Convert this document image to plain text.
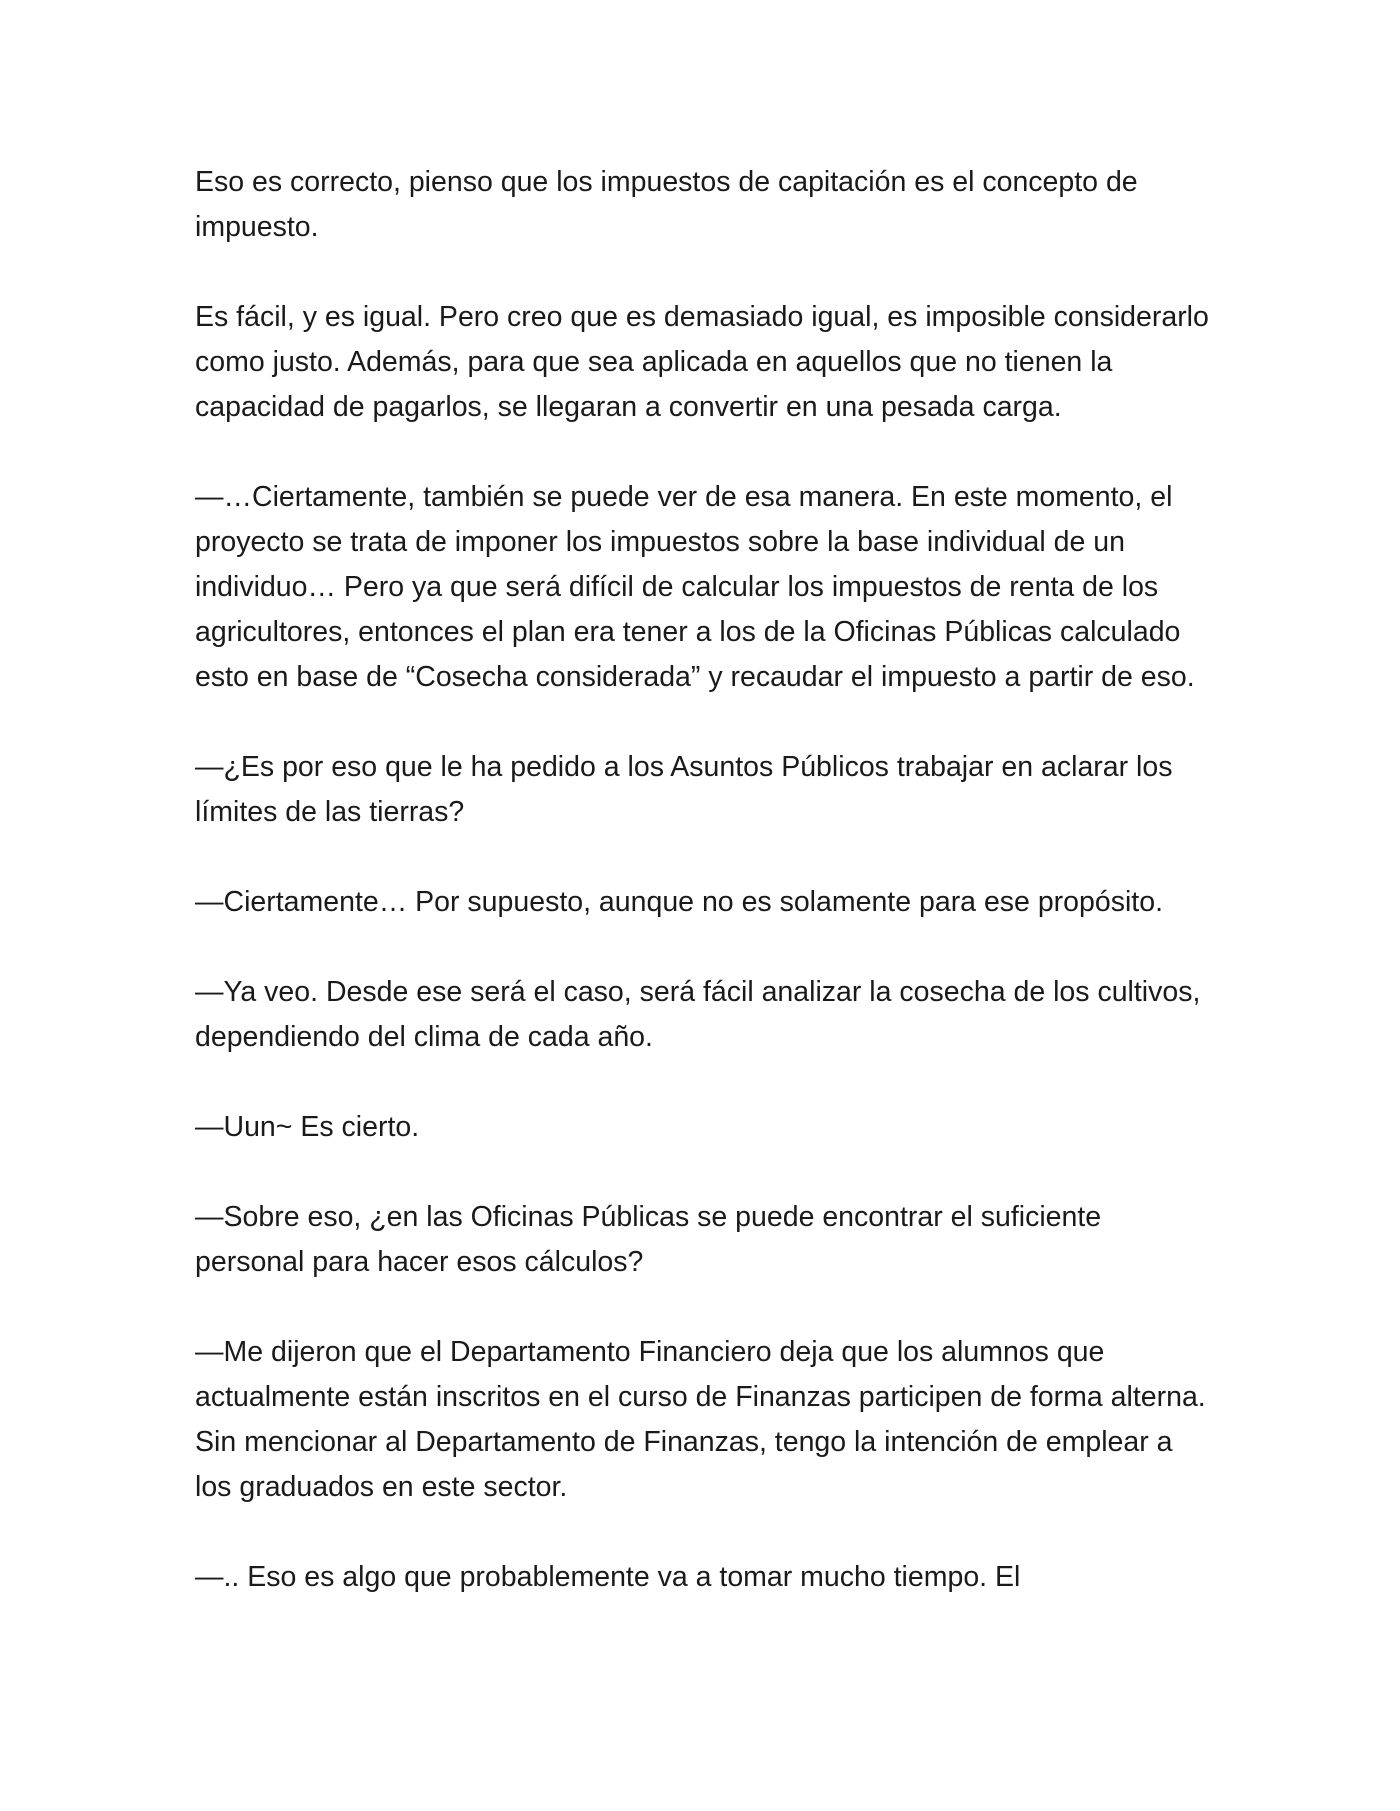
Eso es correcto, pienso que los impuestos de capitación es el concepto de impuesto.

Es fácil, y es igual. Pero creo que es demasiado igual, es imposible considerarlo como justo. Además, para que sea aplicada en aquellos que no tienen la capacidad de pagarlos, se llegaran a convertir en una pesada carga.

—…Ciertamente, también se puede ver de esa manera. En este momento, el proyecto se trata de imponer los impuestos sobre la base individual de un individuo… Pero ya que será difícil de calcular los impuestos de renta de los agricultores, entonces el plan era tener a los de la Oficinas Públicas calculado esto en base de “Cosecha considerada” y recaudar el impuesto a partir de eso.

—¿Es por eso que le ha pedido a los Asuntos Públicos trabajar en aclarar los límites de las tierras?

—Ciertamente… Por supuesto, aunque no es solamente para ese propósito.

—Ya veo. Desde ese será el caso, será fácil analizar la cosecha de los cultivos, dependiendo del clima de cada año.

—Uun~ Es cierto.

—Sobre eso, ¿en las Oficinas Públicas se puede encontrar el suficiente personal para hacer esos cálculos?

—Me dijeron que el Departamento Financiero deja que los alumnos que actualmente están inscritos en el curso de Finanzas participen de forma alterna. Sin mencionar al Departamento de Finanzas, tengo la intención de emplear a los graduados en este sector.

—.. Eso es algo que probablemente va a tomar mucho tiempo. El
